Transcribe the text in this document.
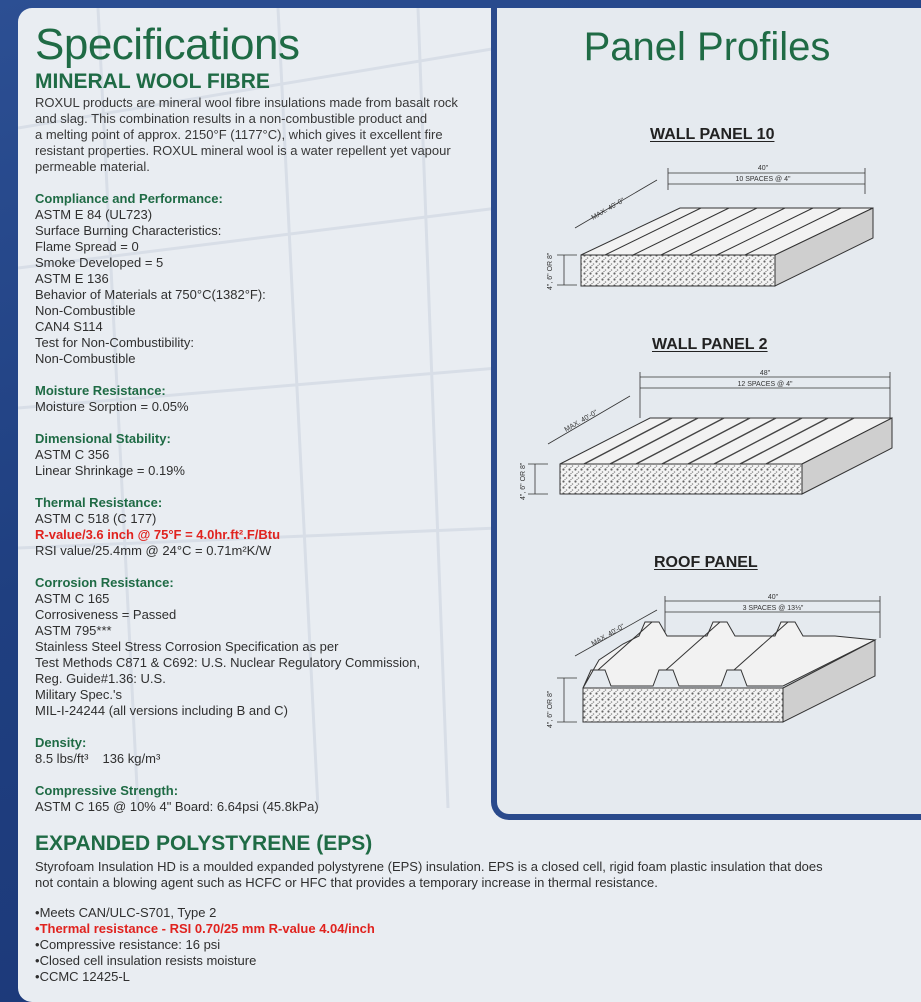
Specifications
MINERAL WOOL FIBRE
ROXUL products are mineral wool fibre insulations made from basalt rock
and slag. This combination results in a non-combustible product and
a melting point of approx. 2150°F (1177°C), which gives it excellent fire
resistant properties. ROXUL mineral wool is a water repellent yet vapour
permeable material.
Compliance and Performance:
ASTM E 84 (UL723)
Surface Burning Characteristics:
Flame Spread = 0
Smoke Developed = 5
ASTM E 136
Behavior of Materials at 750°C(1382°F):
Non-Combustible
CAN4 S114
Test for Non-Combustibility:
Non-Combustible
Moisture Resistance:
Moisture Sorption = 0.05%
Dimensional Stability:
ASTM C 356
Linear Shrinkage = 0.19%
Thermal Resistance:
ASTM C 518 (C 177)
R-value/3.6 inch @ 75°F = 4.0hr.ft².F/Btu
RSI value/25.4mm @ 24°C = 0.71m²K/W
Corrosion Resistance:
ASTM C 165
Corrosiveness = Passed
ASTM 795***
Stainless Steel Stress Corrosion Specification as per
Test Methods C871 & C692: U.S. Nuclear Regulatory Commission,
Reg. Guide#1.36: U.S.
Military Spec.'s
MIL-I-24244 (all versions including B and C)
Density:
8.5 lbs/ft³ 136 kg/m³
Compressive Strength:
ASTM C 165 @ 10% 4" Board: 6.64psi (45.8kPa)
EXPANDED POLYSTYRENE (EPS)
Styrofoam Insulation HD is a moulded expanded polystyrene (EPS) insulation. EPS is a closed cell, rigid foam plastic insulation that does
not contain a blowing agent such as HCFC or HFC that provides a temporary increase in thermal resistance.
• Meets CAN/ULC-S701, Type 2
• Thermal resistance - RSI 0.70/25 mm R-value 4.04/inch
• Compressive resistance: 16 psi
• Closed cell insulation resists moisture
• CCMC 12425-L
Panel Profiles
WALL PANEL 10
40"
10 SPACES @ 4"
MAX. 40'-0"
4", 6" OR 8"
WALL PANEL 2
48"
12 SPACES @ 4"
MAX. 40'-0"
4", 6" OR 8"
ROOF PANEL
40"
3 SPACES @ 13⅓"
MAX. 40'-0"
4", 6" OR 8"
